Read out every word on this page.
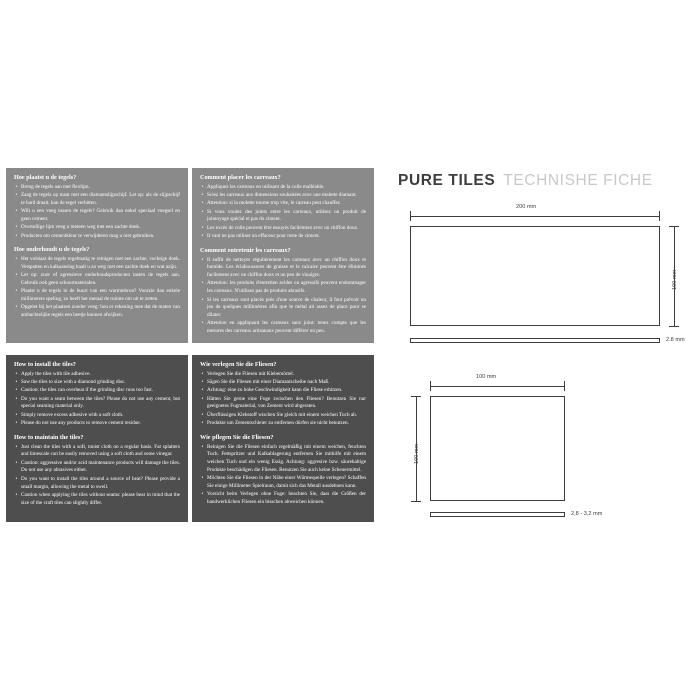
Hoe plaatst u de tegels?
• Breng de tegels aan met flexlijm.
• Zaag de tegels op maat met een diamantslijpschijf. Let op: als de slijpschijf te hard draait, kan de tegel verhitten.
• Wilt u een voeg tussen de tegels? Gebruik dan enkel speciaal voegsel en geen cement.
• Overtollige lijm veeg u meteen weg met een zachte doek.
• Producten om cementkleur te verwijderen mag u niet gebruiken.
Hoe onderhoudt u de tegels?
• Het volstaat de tegels regelmatig te reinigen met een zachte, vochtige doek. Vetspatten en kalkaanslag haalt u zo weg met een zachte doek en wat azijn.
• Let op: zure of agressieve onderhoudsproducten tasten de tegels aan. Gebruik ook geen schuurmaterialen.
• Plaatst u de tegels in de buurt van een warmtebron? Voorzie dan enkele millimeters speling, zo heeft het metaal de ruimte om uit te zetten.
• Opgelet bij het plaatsen zonder voeg: hou er rekening mee dat de maten van ambachtelijke tegels een beetje kunnen afwijken.
How to install the tiles?
• Apply the tiles with tile adhesive.
• Saw the tiles to size with a diamond grinding disc.
• Caution: the tiles can overheat if the grinding disc runs too fast.
• Do you want a seam between the tiles? Please do not use any cement, but special seaming material only.
• Simply remove excess adhesive with a soft cloth.
• Please do not use any products to remove cement residue.
How to maintain the tiles?
• Just clean the tiles with a soft, moist cloth on a regular basis. Fat splatters and limescale can be easily removed using a soft cloth and some vinegar.
• Caution: aggressive and/or acid maintenance products will damage the tiles. Do not use any abrasives either.
• Do you want to install the tiles around a source of heat? Please provide a small margin, allowing the metal to swell.
• Caution when applying the tiles without seams: please bear in mind that the size of the craft tiles can slightly differ.
Comment placer les carreaux?
• Appliquez les carreaux en utilisant de la colle malléable.
• Sciez les carreaux aux dimensions souhaitées avec une molette diamant.
• Attention: si la molette tourne trop vite, le carreau peut chauffer.
• Si vous voulez des joints entre les carreaux, utilisez un produit de jointoyage spécial et pas du ciment.
• Les excès de colle peuvent être essuyés facilement avec un chiffon doux.
• Il vaut ne pas utiliser un effaceur pour reste de ciment.
Comment entretenir les carreaux?
• Il suffit de nettoyer régulièrement les carreaux avec un chiffon doux et humide. Les éclaboussures de graisse et le calcaire peuvent être éliminés facilement avec un chiffon doux et un peu de vinaigre.
• Attention: les produits d'entretien acides ou agressifs peuvent endommager les carreaux. N'utilisez pas de produits abrasifs.
• Si les carreaux sont placés près d'une source de chaleur, il faut prévoir un jeu de quelques millimètres afin que le métal ait assez de place pour se dilater.
• Attention en appliquant les carreaux sans joint: tenez compte que les mesures des carreaux artisanaux peuvent différer un peu.
Wie verlegen Sie die Fliesen?
• Verlegen Sie die Fliesen mit Klebemörtel.
• Sägen Sie die Fliesen mit einer Diamantscheibe nach Maß.
• Achtung: eine zu hohe Geschwindigkeit kann die Fliese erhitzen.
• Hätten Sie gerne eine Fuge zwischen den Fliesen? Benutzen Sie nur geeignetes Fugmaterial, von Zement wird abgeraten.
• Überflüssigen Klebstoff wischen Sie gleich mit einem weichen Tuch ab.
• Produkte um Zementschleier zu entfernen dürfen sie nicht benutzen.
Wie pflegen Sie die Fliesen?
• Reinigen Sie die Fliesen einfach regelmäßig mit einem weichen, feuchten Tuch. Fettspritzer und Kalkablagerung entfernen Sie mithilfe mit einem weichen Tuch und ein wenig Essig. Achtung: aggresive bzw. säurehaltige Produkte beschädigen die Fliesen. Benutzen Sie auch keine Scheuermittel.
• Möchten Sie die Fliesen in der Nähe einer Wärmequelle verlegen? Schaffen Sie einige Millimeter Spielraum, damit sich das Metall ausdehnen kann.
• Vorsicht beim Verlegen ohne Fuge: beachten Sie, dass die Größen der handwerklichen Fliesen ein bisschen abweichen können.
PURE TILES TECHNISHE FICHE
200 mm
100 mm
2.8 mm
100 mm
100 mm
2,8 - 3,2 mm
